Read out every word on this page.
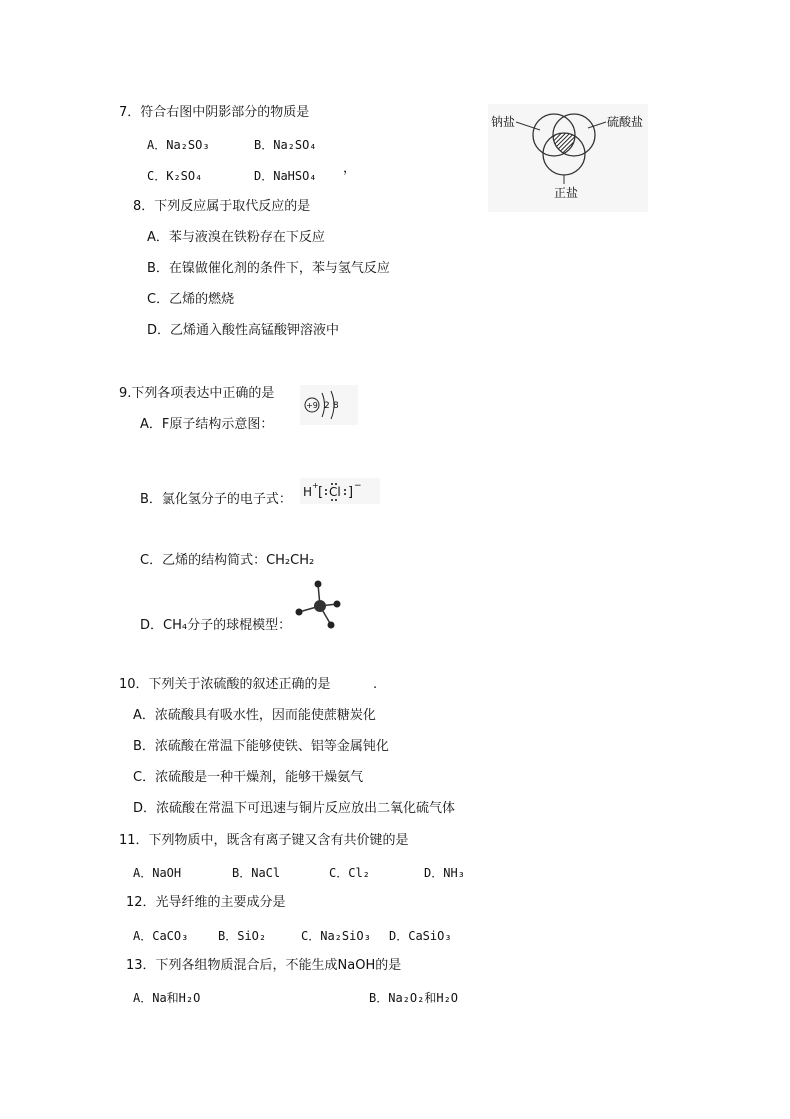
7．符合右图中阴影部分的物质是
A．Na₂SO₃	B．Na₂SO₄
C．K₂SO₄	D．NaHSO₄ ，
钠盐	硫酸盐
正盐
8．下列反应属于取代反应的是
A．苯与液溴在铁粉存在下反应
B．在镍做催化剂的条件下，苯与氢气反应
C．乙烯的燃烧
D．乙烯通入酸性高锰酸钾溶液中
9.下列各项表达中正确的是
+9 2 8
A．F原子结构示意图：
B．氯化氢分子的电子式： H + [ Cl ] −
C．乙烯的结构简式：CH₂CH₂
D．CH₄分子的球棍模型：
10．下列关于浓硫酸的叙述正确的是	.
A．浓硫酸具有吸水性，因而能使蔗糖炭化
B．浓硫酸在常温下能够使铁、铝等金属钝化
C．浓硫酸是一种干燥剂，能够干燥氨气
D．浓硫酸在常温下可迅速与铜片反应放出二氧化硫气体
11．下列物质中，既含有离子键又含有共价键的是
A．NaOH	B．NaCl	C．Cl₂	D．NH₃
12．光导纤维的主要成分是
A．CaCO₃ B．SiO₂	C．Na₂SiO₃ D．CaSiO₃
13．下列各组物质混合后，不能生成NaOH的是
A．Na和H₂O	B．Na₂O₂和H₂O
